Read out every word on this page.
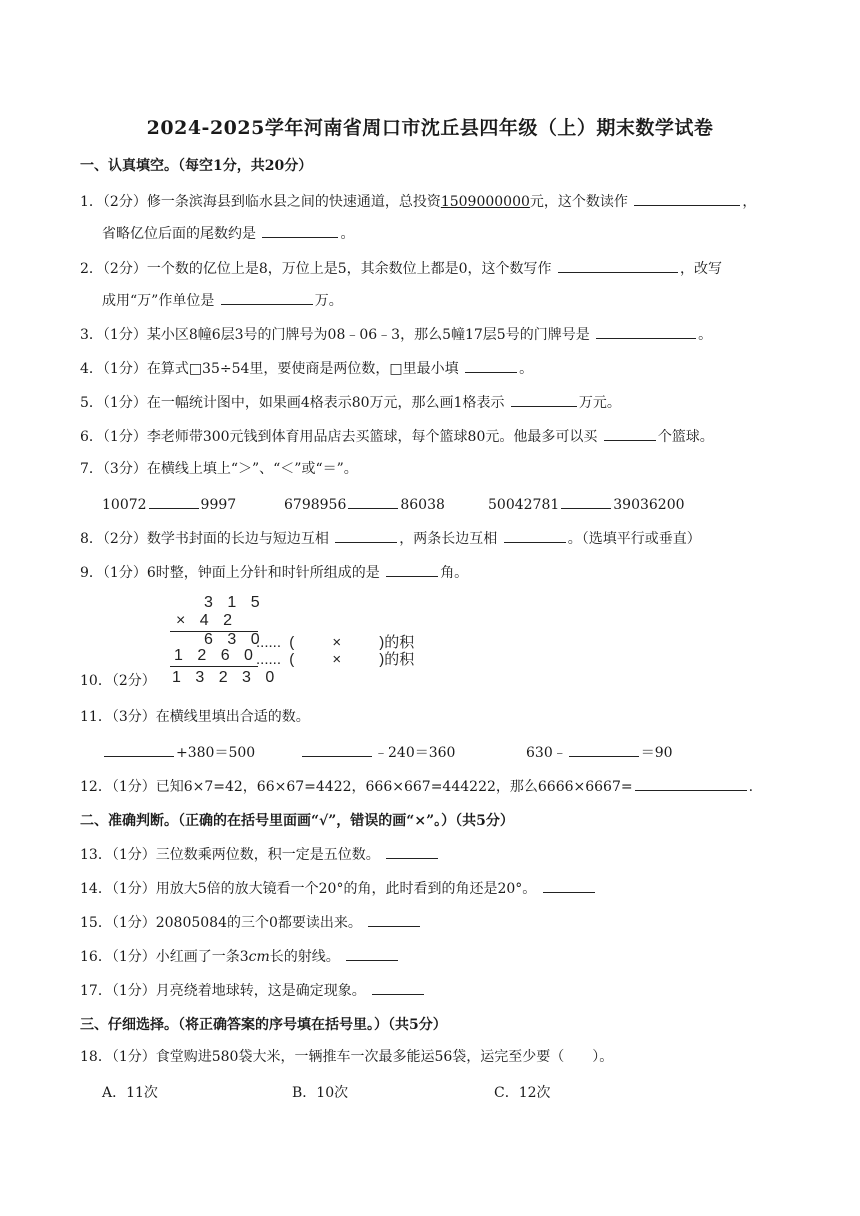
2024-2025学年河南省周口市沈丘县四年级（上）期末数学试卷
一、认真填空。（每空1分，共20分）
1．（2分）修一条滨海县到临水县之间的快速通道，总投资1509000000元，这个数读作	，
省略亿位后面的尾数约是	。
2．（2分）一个数的亿位上是8，万位上是5，其余数位上都是0，这个数写作	，改写
成用“万”作单位是	万。
3．（1分）某小区8幢6层3号的门牌号为08﹣06﹣3，那么5幢17层5号的门牌号是	。
4．（1分）在算式□35÷54里，要使商是两位数，□里最小填	。
5．（1分）在一幅统计图中，如果画4格表示80万元，那么画1格表示	万元。
6．（1分）李老师带300元钱到体育用品店去买篮球，每个篮球80元。他最多可以买	个篮球。
7．（3分）在横线上填上“＞”、“＜”或“＝”。
10072	9997	6798956	86038	50042781	39036200
8．（2分）数学书封面的长边与短边互相	，两条长边互相	。（选填平行或垂直）
9．（1分）6时整，钟面上分针和时针所组成的是	角。
3 1 5
× 4 2
6 3 0
1 2 6 0
1 3 2 3 0
...... (	×	)的积
...... (	×	)的积
10．（2分）
11．（3分）在横线里填出合适的数。
+380＝500	﹣240＝360	630﹣	＝90
12．（1分）已知6×7=42，66×67=4422，666×667=444222，那么6666×6667=	.
二、准确判断。（正确的在括号里面画“√”，错误的画“×”。）（共5分）
13．（1分）三位数乘两位数，积一定是五位数。
14．（1分）用放大5倍的放大镜看一个20°的角，此时看到的角还是20°。
15．（1分）20805084的三个0都要读出来。
16．（1分）小红画了一条3cm长的射线。
17．（1分）月亮绕着地球转，这是确定现象。
三、仔细选择。（将正确答案的序号填在括号里。）（共5分）
18．（1分）食堂购进580袋大米，一辆推车一次最多能运56袋，运完至少要（　　）。
A．11次	B．10次	C．12次
